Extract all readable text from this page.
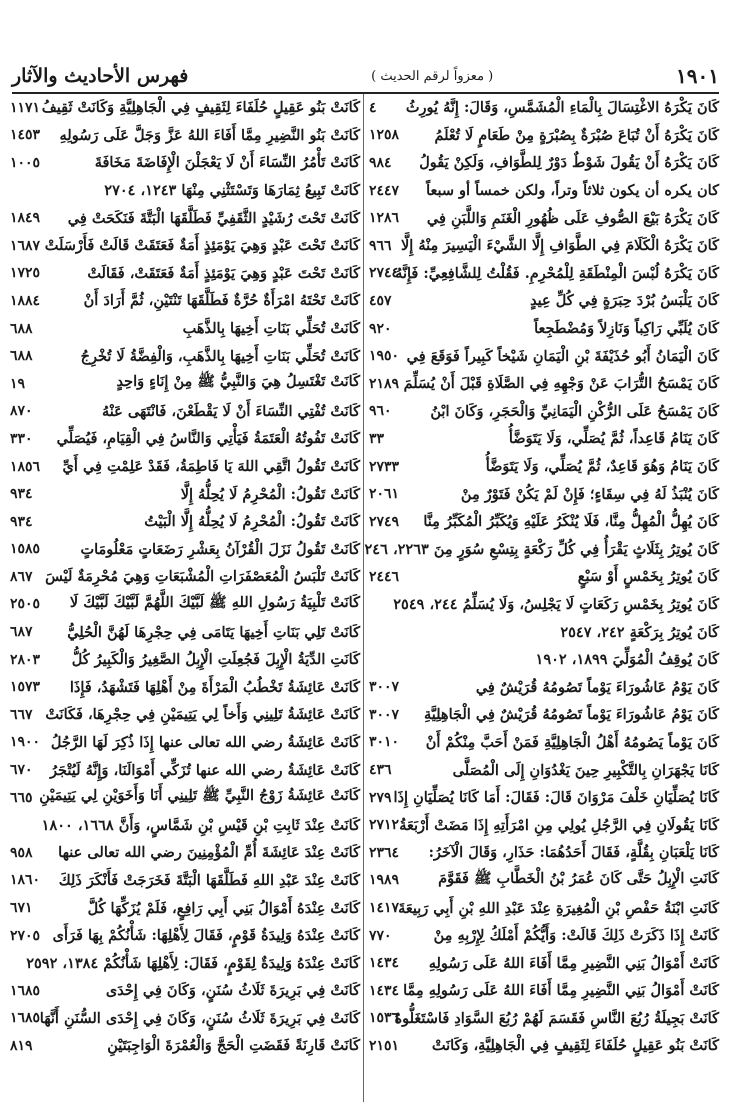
١٩٠١
( معزواً لرقم الحديث )
فهرس الأحاديث والآثار
كَانَ يَكْرَهُ الاغْتِسَالَ بِالْمَاءِ الْمُشَمَّسِ، وَقَالَ: إِنَّهُ يُورِثُ
٤
كَانَ يَكْرَهُ أَنْ تُبَاعَ صُبْرَةٌ بِصُبْرَةٍ مِنْ طَعَامٍ لَا تُعْلَمُ
١٢٥٨
كَانَ يَكْرَهُ أَنْ يَقُولَ شَوْطٌ دَوْرٌ لِلطَّوَافِ، وَلَكِنْ يَقُولُ
٩٨٤
كان يكره أن يكون ثلاثاً وتراً، ولكن خمساً أو سبعاً
٢٤٤٧
كَانَ يَكْرَهُ بَيْعَ الصُّوفِ عَلَى ظُهُورِ الْغَنَمِ وَاللَّبَنِ فِي
١٢٨٦
كَانَ يَكْرَهُ الْكَلَامَ فِي الطَّوَافِ إِلَّا الشَّيْءَ الْيَسِيرَ مِنْهُ إِلَّا
٩٦٦
كَانَ يَكْرَهُ لُبْسَ الْمِنْطَقَةِ لِلْمُحْرِمِ. فَقُلْتُ لِلشَّافِعِيِّ: فَإِنَّهُ
٢٧٤٤
كَانَ يَلْبَسُ بُرْدَ حِبَرَةٍ فِي كُلِّ عِيدٍ
٤٥٧
كَانَ يُلَبِّي رَاكِباً وَنَازِلاً وَمُضْطَجِعاً
٩٢٠
كَانَ الْيَمَانُ أَبُو حُذَيْفَةَ بْنِ الْيَمَانِ شَيْخاً كَبِيراً فَوَقَعَ فِي
١٩٥٠
كَانَ يَمْسَحُ التُّرَابَ عَنْ وَجْهِهِ فِي الصَّلَاةِ قَبْلَ أَنْ يُسَلِّمَ
٢١٨٩
كَانَ يَمْسَحُ عَلَى الرُّكْنِ الْيَمَانِيِّ وَالْحَجَرِ، وَكَانَ ابْنُ
٩٦٠
كَانَ يَنَامُ قَاعِداً، ثُمَّ يُصَلِّي، وَلَا يَتَوَضَّأُ
٣٣
كَانَ يَنَامُ وَهُوَ قَاعِدٌ، ثُمَّ يُصَلِّي، وَلَا يَتَوَضَّأُ
٢٧٣٣
كَانَ يُنْبَذُ لَهُ فِي سِقَاءٍ؛ فَإِنْ لَمْ يَكُنْ فَتَوْرٌ مِنْ
٢٠٦١
كَانَ يُهِلُّ الْمُهِلُّ مِنَّا، فَلَا يُنْكَرُ عَلَيْهِ وَيُكَبِّرُ الْمُكَبِّرُ مِنَّا
٢٧٤٩
كَانَ يُوتِرُ بِثَلَاثٍ يَقْرَأُ فِي كُلِّ رَكْعَةٍ بِتِسْعِ سُوَرٍ مِنَ ٢٢٦٣، ٢٤٦
كَانَ يُوتِرُ بِخَمْسٍ أَوْ سَبْعٍ
٢٤٤٦
كَانَ يُوتِرُ بِخَمْسِ رَكَعَاتٍ لَا يَجْلِسُ، وَلَا يُسَلِّمُ ٢٤٤، ٢٥٤٩
كَانَ يُوتِرُ بِرَكْعَةٍ ٢٤٢، ٢٥٤٧
كَانَ يُوقِفُ الْمُوَلِّيَ ١٨٩٩، ١٩٠٢
كَانَ يَوْمُ عَاشُورَاءَ يَوْماً تَصُومُهُ قُرَيْشٌ فِي
٣٠٠٧
كَانَ يَوْمُ عَاشُورَاءَ يَوْماً تَصُومُهُ قُرَيْشٌ فِي الْجَاهِلِيَّةِ
٣٠٠٧
كَانَ يَوْماً يَصُومُهُ أَهْلُ الْجَاهِلِيَّةِ فَمَنْ أَحَبَّ مِنْكُمْ أَنْ
٣٠١٠
كَانَا يَجْهَرَانِ بِالتَّكْبِيرِ حِينَ يَغْدُوَانِ إِلَى الْمُصَلَّى
٤٣٦
كَانَا يُصَلِّيَانِ خَلْفَ مَرْوَانَ قَالَ: فَقَالَ: أَمَا كَانَا يُصَلِّيَانِ إِذَا
٢٧٩
كَانَا يَقُولَانِ فِي الرَّجُلِ يُولِي مِنِ امْرَأَتِهِ إِذَا مَضَتْ أَرْبَعَةُ
٢٧١٢
كَانَا يَلْعَبَانِ بِقُلَّةٍ، فَقَالَ أَحَدُهُمَا: حَذَارِ، وَقَالَ الْآخَرُ:
٢٣٦٤
كَانَتِ الْإِبِلُ حَتَّى كَانَ عُمَرُ بْنُ الْخَطَّابِ ﷺ فَقَوَّمَ
١٩٨٩
كَانَتِ ابْنَةُ حَفْصِ بْنِ الْمُغِيرَةِ عِنْدَ عَبْدِ اللهِ بْنِ أَبِي رَبِيعَةَ
١٤١٧
كَانَتْ إِذَا ذَكَرَتْ ذَلِكَ قَالَتْ: وَأَيُّكُمْ أَمْلَكُ لِإِرْبِهِ مِنْ
٧٧٠
كَانَتْ أَمْوَالُ بَنِي النَّضِيرِ مِمَّا أَفَاءَ اللهُ عَلَى رَسُولِهِ
١٤٣٤
كَانَتْ أَمْوَالُ بَنِي النَّضِيرِ مِمَّا أَفَاءَ اللهُ عَلَى رَسُولِهِ مِمَّا
١٤٣٤
كَانَتْ بَجِيلَةُ رُبُعَ النَّاسِ فَقَسَمَ لَهُمْ رُبُعَ السَّوَادِ فَاسْتَغَلُّوهُ
١٥٣٦
كَانَتْ بَنُو عَقِيلٍ حُلَفَاءَ لِثَقِيفٍ فِي الْجَاهِلِيَّةِ، وَكَانَتْ
٢١٥١
كَانَتْ بَنُو عَقِيلٍ حُلَفَاءَ لِثَقِيفٍ فِي الْجَاهِلِيَّةِ وَكَانَتْ ثَقِيفُ
١١٧١
كَانَتْ بَنُو النَّضِيرِ مِمَّا أَفَاءَ اللهُ عَزَّ وَجَلَّ عَلَى رَسُولِهِ
١٤٥٣
كَانَتْ تَأْمُرُ النِّسَاءَ أَنْ لَا يَعْجَلْنَ الْإِفَاضَةَ مَخَافَةَ
١٠٠٥
كَانَتْ تَبِيعُ ثِمَارَهَا وَتَسْتَثْنِي مِنْهَا ١٢٤٣، ٢٧٠٤
كَانَتْ تَحْتَ رُشَيْدٍ الثَّقَفِيِّ فَطَلَّقَهَا الْبَتَّةَ فَنَكَحَتْ فِي
١٨٤٩
كَانَتْ تَحْتَ عَبْدٍ وَهِيَ يَوْمَئِذٍ أَمَةٌ فَعَتَقَتْ قَالَتْ فَأَرْسَلَتْ
١٦٨٧
كَانَتْ تَحْتَ عَبْدٍ وَهِيَ يَوْمَئِذٍ أَمَةٌ فَعَتَقَتْ، فَقَالَتْ
١٧٢٥
كَانَتْ تَحْتَهُ امْرَأَةٌ حُرَّةٌ فَطَلَّقَهَا تَنْتَيْنِ، ثُمَّ أَرَادَ أَنْ
١٨٨٤
كَانَتْ تُحَلِّي بَنَاتِ أَخِيهَا بِالذَّهَبِ
٦٨٨
كَانَتْ تُحَلِّي بَنَاتِ أَخِيهَا بِالذَّهَبِ، وَالْفِضَّةُ لَا تُخْرِجُ
٦٨٨
كَانَتْ تَغْتَسِلُ هِيَ وَالنَّبِيُّ ﷺ مِنْ إِنَاءٍ وَاحِدٍ
١٩
كَانَتْ تُفْتِي النِّسَاءَ أَنْ لَا يَقْطَعْنَ، فَانْتَهَى عَنْهُ
٨٧٠
كَانَتْ تَفُوتُهُ الْعَتَمَةُ فَيَأْتِي وَالنَّاسُ فِي الْقِيَامِ، فَيُصَلِّي
٣٣٠
كَانَتْ تَقُولُ اتَّقِي اللهَ يَا فَاطِمَةُ، فَقَدْ عَلِمْتِ فِي أَيِّ
١٨٥٦
كَانَتْ تَقُولُ: الْمُحْرِمُ لَا يُحِلُّهُ إِلَّا
٩٣٤
كَانَتْ تَقُولُ: الْمُحْرِمُ لَا يُحِلُّهُ إِلَّا الْبَيْتُ
٩٣٤
كَانَتْ تَقُولُ نَزَلَ الْقُرْآنُ بِعَشْرِ رَضَعَاتٍ مَعْلُومَاتٍ
١٥٨٥
كَانَتْ تَلْبَسُ الْمُعَصْفَرَاتِ الْمُشْبَعَاتِ وَهِيَ مُحْرِمَةٌ لَيْسَ
٨٦٧
كَانَتْ تَلْبِيَةُ رَسُولِ اللهِ ﷺ لَبَّيْكَ اللَّهُمَّ لَبَّيْكَ لَبَّيْكَ لَا
٢٥٠٥
كَانَتْ تَلِي بَنَاتِ أَخِيهَا يَتَامَى فِي حِجْرِهَا لَهُنَّ الْحُلِيُّ
٦٨٧
كَانَتِ الدِّيَةُ الْإِبِلَ فَجُعِلَتِ الْإِبِلُ الصَّغِيرُ وَالْكَبِيرُ كُلُّ
٢٨٠٣
كَانَتْ عَائِشَةُ تَخْطُبُ الْمَرْأَةَ مِنْ أَهْلِهَا فَتَشْهَدُ، فَإِذَا
١٥٧٣
كَانَتْ عَائِشَةُ تَلِينِي وَأَخاً لِي يَتِيمَيْنِ فِي حِجْرِهَا، فَكَانَتْ
٦٦٧
كَانَتْ عَائِشَةُ رضي الله تعالى عنها إِذَا ذُكِرَ لَهَا الرَّجُلُ
١٩٠٠
كَانَتْ عَائِشَةُ رضي الله عنها تُزَكِّي أَمْوَالَنَا، وَإِنَّهُ لَيُتْجَرُ
٦٧٠
كَانَتْ عَائِشَةُ زَوْجُ النَّبِيِّ ﷺ تَلِينِي أَنَا وَأَخَوَيْنِ لِي يَتِيمَيْنِ
٦٦٥
كَانَتْ عِنْدَ ثَابِتِ بْنِ قَيْسِ بْنِ شَمَّاسٍ، وَأَنَّ ١٦٦٨، ١٨٠٠
كَانَتْ عِنْدَ عَائِشَةَ أُمِّ الْمُؤْمِنِينَ رضي الله تعالى عنها
٩٥٨
كَانَتْ عِنْدَ عَبْدِ اللهِ فَطَلَّقَهَا الْبَتَّةَ فَخَرَجَتْ فَأَنْكَرَ ذَلِكَ
١٨٦٠
كَانَتْ عِنْدَهُ أَمْوَالُ بَنِي أَبِي رَافِعٍ، فَلَمْ يُزَكِّهَا كُلَّ
٦٧١
كَانَتْ عِنْدَهُ وَلِيدَةُ قَوْمٍ، فَقَالَ لِأَهْلِهَا: شَأْنُكُمْ بِهَا فَرَأَى
٢٧٠٥
كَانَتْ عِنْدَهُ وَلِيدَةٌ لِقَوْمٍ، فَقَالَ: لِأَهْلِهَا شَأْنُكُمْ ١٣٨٤، ٢٥٩٢
كَانَتْ فِي بَرِيرَةَ ثَلَاثُ سُنَنٍ، وَكَانَ فِي إِحْدَى
١٦٨٥
كَانَتْ فِي بَرِيرَةَ ثَلَاثُ سُنَنٍ، وَكَانَ فِي إِحْدَى السُّنَنِ أَنَّهَا
١٦٨٥
كَانَتْ قَارِنَةً فَقَضَتِ الْحَجَّ وَالْعُمْرَةَ الْوَاجِبَتَيْنِ
٨١٩
